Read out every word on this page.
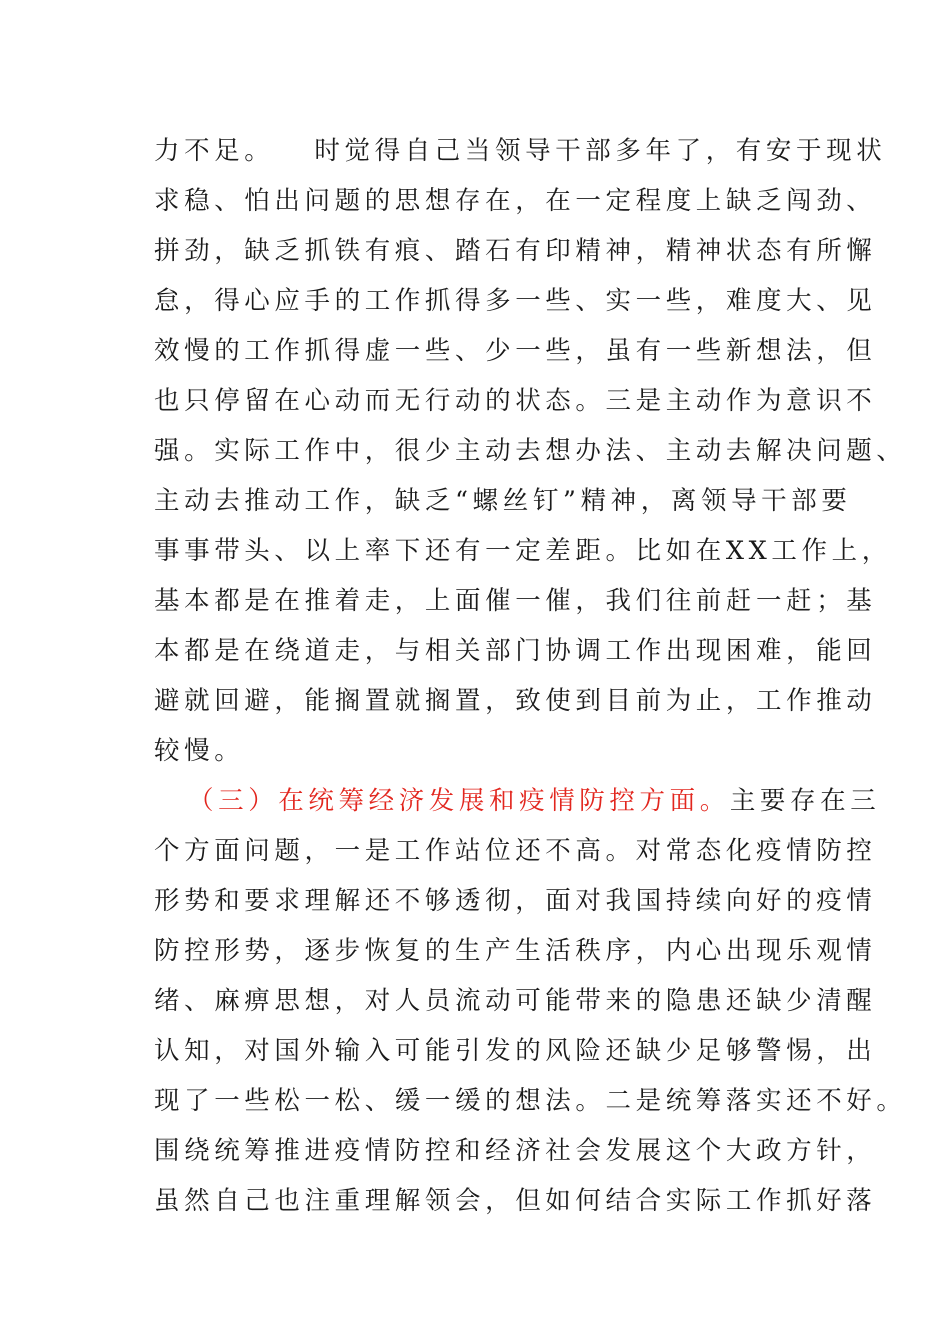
力不足。 时觉得自己当领导干部多年了，有安于现状
求稳、怕出问题的思想存在，在一定程度上缺乏闯劲、
拼劲，缺乏抓铁有痕、踏石有印精神，精神状态有所懈
怠，得心应手的工作抓得多一些、实一些，难度大、见
效慢的工作抓得虚一些、少一些，虽有一些新想法，但
也只停留在心动而无行动的状态。三是主动作为意识不
强。实际工作中，很少主动去想办法、主动去解决问题、
主动去推动工作，缺乏“螺丝钉”精神，离领导干部要
事事带头、以上率下还有一定差距。比如在XX工作上，
基本都是在推着走，上面催一催，我们往前赶一赶；基
本都是在绕道走，与相关部门协调工作出现困难，能回
避就回避，能搁置就搁置，致使到目前为止，工作推动
较慢。
（三）在统筹经济发展和疫情防控方面。主要存在三
个方面问题，一是工作站位还不高。对常态化疫情防控
形势和要求理解还不够透彻，面对我国持续向好的疫情
防控形势，逐步恢复的生产生活秩序，内心出现乐观情
绪、麻痹思想，对人员流动可能带来的隐患还缺少清醒
认知，对国外输入可能引发的风险还缺少足够警惕，出
现了一些松一松、缓一缓的想法。二是统筹落实还不好。
围绕统筹推进疫情防控和经济社会发展这个大政方针，
虽然自己也注重理解领会，但如何结合实际工作抓好落
